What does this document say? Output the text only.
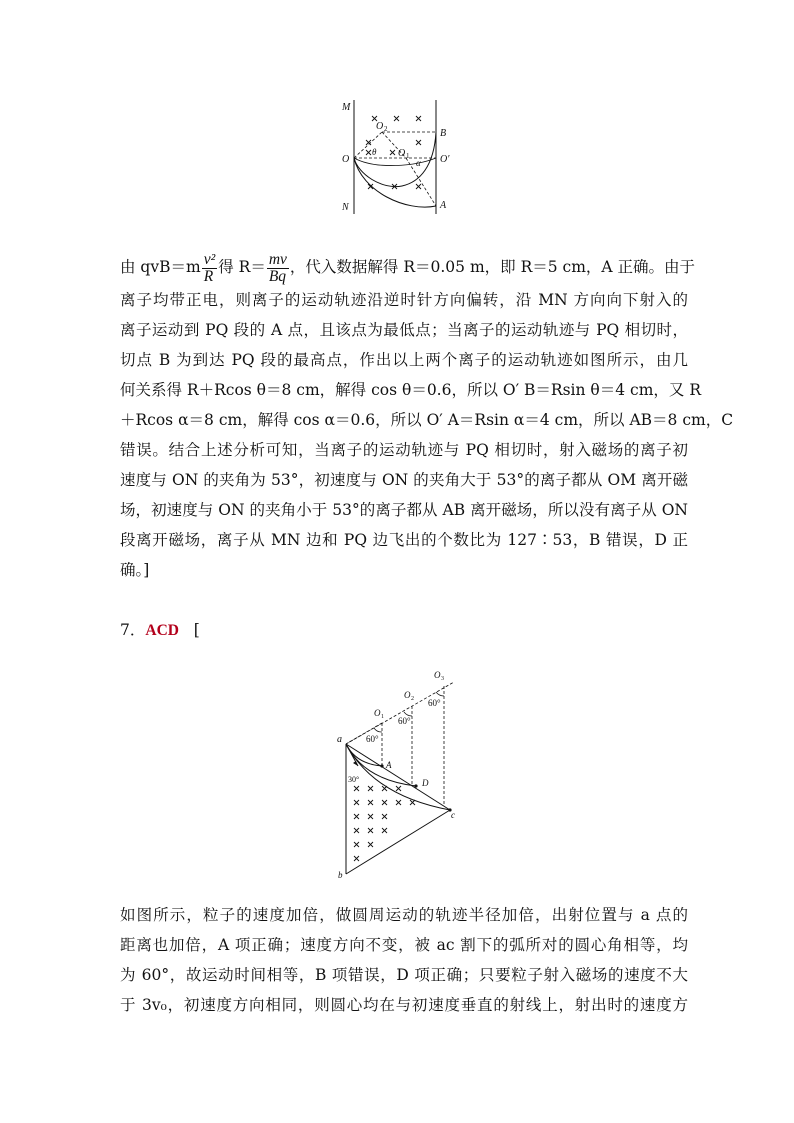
M
O 2	B
θ O 1
α
O	O′
N	A
由 $qvB=m \frac{\text{v²}}{R}$ 得 $R= \frac{mv}{Bq}$ ，代入数据解得 R＝0.05 m，即 R＝5 cm，A 正确。由于
离子均带正电，则离子的运动轨迹沿逆时针方向偏转，沿 MN 方向向下射入的
离子运动到 PQ 段的 A 点，且该点为最低点；当离子的运动轨迹与 PQ 相切时，
切点 B 为到达 PQ 段的最高点，作出以上两个离子的运动轨迹如图所示，由几
何关系得 R＋Rcos θ＝8 cm，解得 cos θ＝0.6，所以 O′ B＝Rsin θ＝4 cm，又 R
＋Rcos α＝8 cm，解得 cos α＝0.6，所以 O′ A＝Rsin α＝4 cm，所以 AB＝8 cm，C
错误。结合上述分析可知，当离子的运动轨迹与 PQ 相切时，射入磁场的离子初
速度与 ON 的夹角为 53°，初速度与 ON 的夹角大于 53°的离子都从 OM 离开磁
场，初速度与 ON 的夹角小于 53°的离子都从 AB 离开磁场，所以没有离子从 ON
段离开磁场，离子从 MN 边和 PQ 边飞出的个数比为 127∶53，B 错误，D 正
确。]
7．ACD [
O 3
O 2
O 1
60°
60°
60°
a
30°
A
D
c
b
如图所示，粒子的速度加倍，做圆周运动的轨迹半径加倍，出射位置与 a 点的
距离也加倍，A 项正确；速度方向不变，被 ac 割下的弧所对的圆心角相等，均
为 60°，故运动时间相等，B 项错误，D 项正确；只要粒子射入磁场的速度不大
于 3v₀，初速度方向相同，则圆心均在与初速度垂直的射线上，射出时的速度方
